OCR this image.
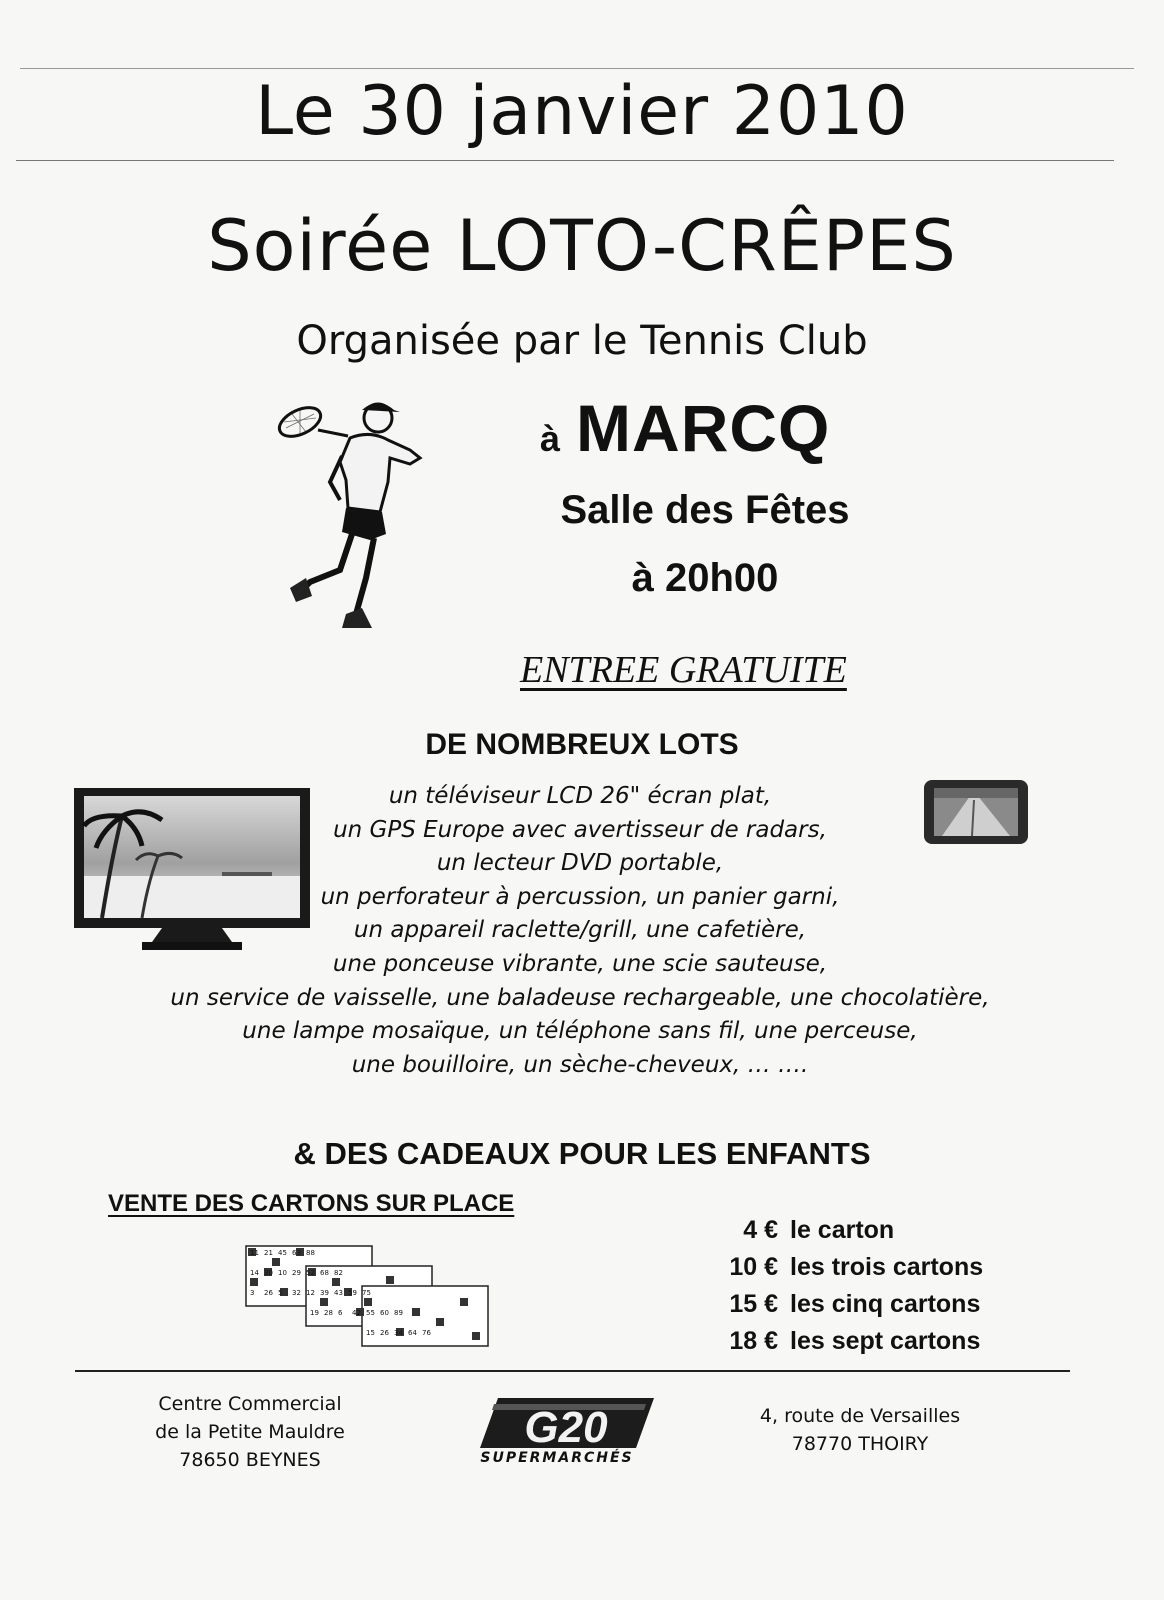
Le 30 janvier 2010
Soirée LOTO-CRÊPES
Organisée par le Tennis Club
à MARCQ
Salle des Fêtes
à 20h00
ENTREE GRATUITE
DE NOMBREUX LOTS
un téléviseur LCD 26" écran plat,
un GPS Europe avec avertisseur de radars,
un lecteur DVD portable,
un perforateur à percussion, un panier garni,
un appareil raclette/grill, une cafetière,
une ponceuse vibrante, une scie sauteuse,
un service de vaisselle, une baladeuse rechargeable, une chocolatière,
une lampe mosaïque, un téléphone sans fil, une perceuse,
une bouilloire, un sèche-cheveux, … ….
& DES CADEAUX POUR LES ENFANTS
VENTE DES CARTONS SUR PLACE
11 21 45 63 88
14 30 10 29 52 68 82
3 26 5 32 12 39 43 59 75
19 28 6 42 55 60 89
15 26 34 64 76
4 € le carton
10 € les trois cartons
15 € les cinq cartons
18 € les sept cartons
Centre Commercial
de la Petite Mauldre
78650 BEYNES
G20
SUPERMARCHÉS
4, route de Versailles
78770 THOIRY
